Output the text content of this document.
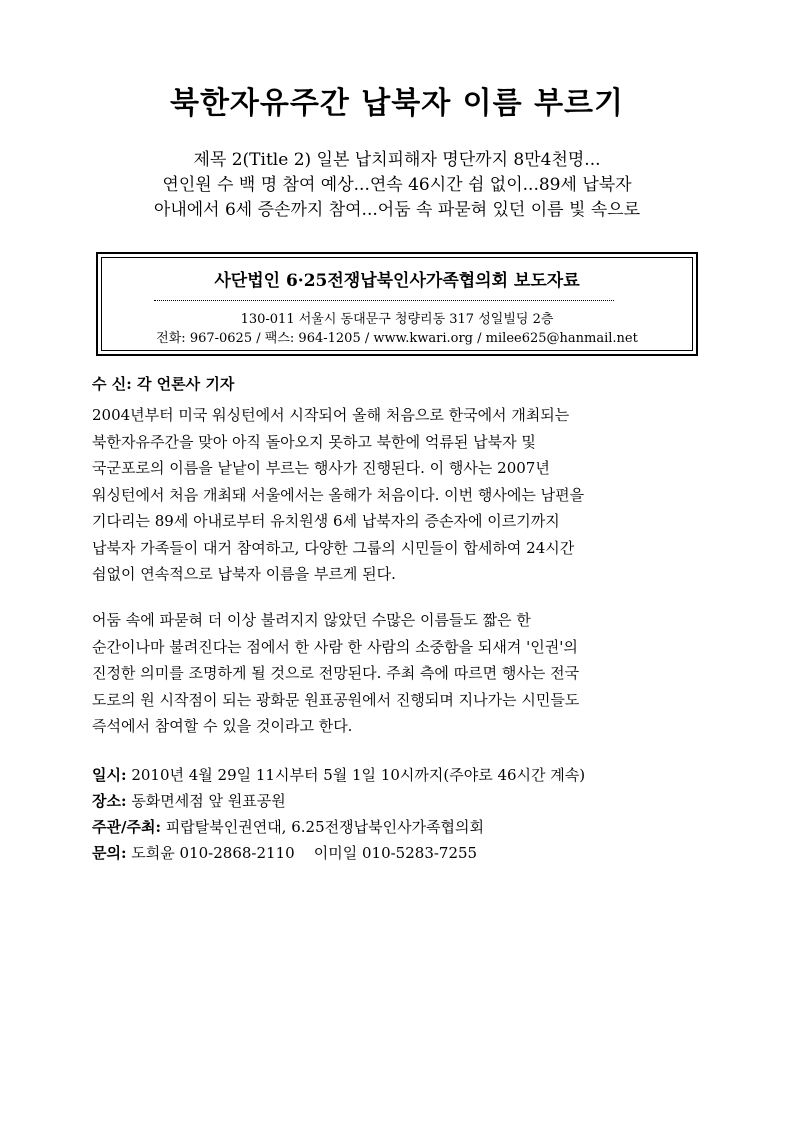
북한자유주간 납북자 이름 부르기
제목 2(Title 2) 일본 납치피해자 명단까지 8만4천명...
연인원 수 백 명 참여 예상...연속 46시간 쉼 없이...89세 납북자
아내에서 6세 증손까지 참여...어둠 속 파묻혀 있던 이름 빛 속으로
사단법인 6·25전쟁납북인사가족협의회 보도자료
130-011 서울시 동대문구 청량리동 317 성일빌딩 2층
전화: 967-0625 / 팩스: 964-1205 / www.kwari.org / milee625@hanmail.net
수 신: 각 언론사 기자
2004년부터 미국 워싱턴에서 시작되어 올해 처음으로 한국에서 개최되는
북한자유주간을 맞아 아직 돌아오지 못하고 북한에 억류된 납북자 및
국군포로의 이름을 낱낱이 부르는 행사가 진행된다. 이 행사는 2007년
워싱턴에서 처음 개최돼 서울에서는 올해가 처음이다. 이번 행사에는 남편을
기다리는 89세 아내로부터 유치원생 6세 납북자의 증손자에 이르기까지
납북자 가족들이 대거 참여하고, 다양한 그룹의 시민들이 합세하여 24시간
쉼없이 연속적으로 납북자 이름을 부르게 된다.
어둠 속에 파묻혀 더 이상 불려지지 않았던 수많은 이름들도 짧은 한
순간이나마 불려진다는 점에서 한 사람 한 사람의 소중함을 되새겨 '인권'의
진정한 의미를 조명하게 될 것으로 전망된다. 주최 측에 따르면 행사는 전국
도로의 원 시작점이 되는 광화문 원표공원에서 진행되며 지나가는 시민들도
즉석에서 참여할 수 있을 것이라고 한다.
일시: 2010년 4월 29일 11시부터 5월 1일 10시까지(주야로 46시간 계속)
장소: 동화면세점 앞 원표공원
주관/주최: 피랍탈북인권연대, 6.25전쟁납북인사가족협의회
문의: 도희윤 010-2868-2110 이미일 010-5283-7255
